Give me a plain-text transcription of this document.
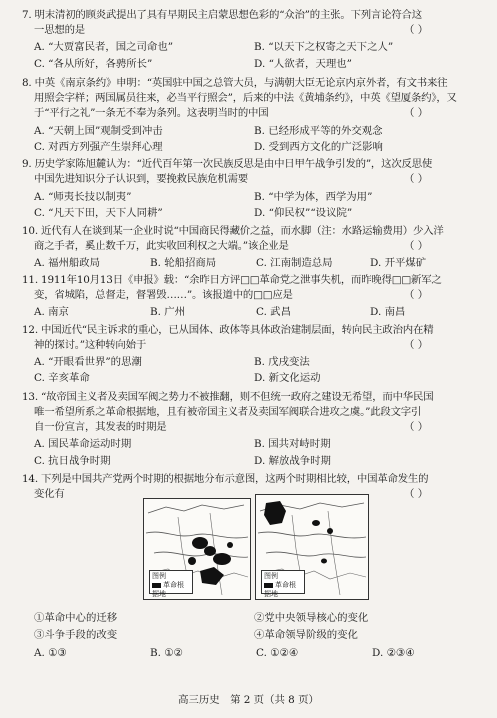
7. 明末清初的顾炎武提出了具有早期民主启蒙思想色彩的“众治”的主张。下列言论符合这
一思想的是	（ ）
A. “大贾富民者，国之司命也”	B. “以天下之权寄之天下之人”
C. “各从所好，各骋所长”	D. “人欲者，天理也”
8. 中英《南京条约》申明：“英国驻中国之总管大员，与满朝大臣无论京内京外者，有文书来往
用照会字样；两国属员往来，必当平行照会”，后来的中法《黄埔条约》，中英《望厦条约》，又
于“平行之礼”一条无不奉为条列。这表明当时的中国	（ ）
A. “天朝上国”观制受到冲击	B. 已经形成平等的外交观念
C. 对西方列强产生崇拜心理	D. 受到西方文化的广泛影响
9. 历史学家陈旭麓认为：“近代百年第一次民族反思是由中日甲午战争引发的”，这次反思使
中国先进知识分子认识到，要挽救民族危机需要	（ ）
A. “师夷长技以制夷”	B. “中学为体，西学为用”
C. “凡天下田，天下人同耕”	D. “仰民权”“设议院”
10. 近代有人在谈到某一企业时说“中国商民得藏价之益，而水脚（注：水路运输费用）少入洋
商之手者，奚止数千万，此实收回利权之大端。”该企业是	（ ）
A. 福州船政局	B. 轮船招商局	C. 江南制造总局	D. 开平煤矿
11. 1911年10月13日《申报》载：“余昨日方评□□革命党之泄事失机，而昨晚得□□新军之
变，省城陷，总督走，督署毁……”。该报道中的□□应是	（ ）
A. 南京	B. 广州	C. 武昌	D. 南昌
12. 中国近代“民主诉求的重心，已从国体、政体等具体政治建制层面，转向民主政治内在精
神的探讨。”这种转向始于	（ ）
A. “开眼看世界”的思潮	B. 戊戌变法
C. 辛亥革命	D. 新文化运动
13. “故帝国主义者及卖国军阀之势力不被推翻，则不但统一政府之建设无希望，而中华民国
唯一希望所系之革命根据地，且有被帝国主义者及卖国军阀联合进攻之虞。”此段文字引
自一份宣言，其发表的时期是	（ ）
A. 国民革命运动时期	B. 国共对峙时期
C. 抗日战争时期	D. 解放战争时期
14. 下列是中国共产党两个时期的根据地分布示意图，这两个时期相比较，中国革命发生的
变化有	（ ）
图例
革命根据地
图例
革命根据地
①革命中心的迁移	②党中央领导核心的变化
③斗争手段的改变	④革命领导阶级的变化
A. ①③	B. ①②	C. ①②④	D. ②③④
高三历史　第 2 页（共 8 页）
